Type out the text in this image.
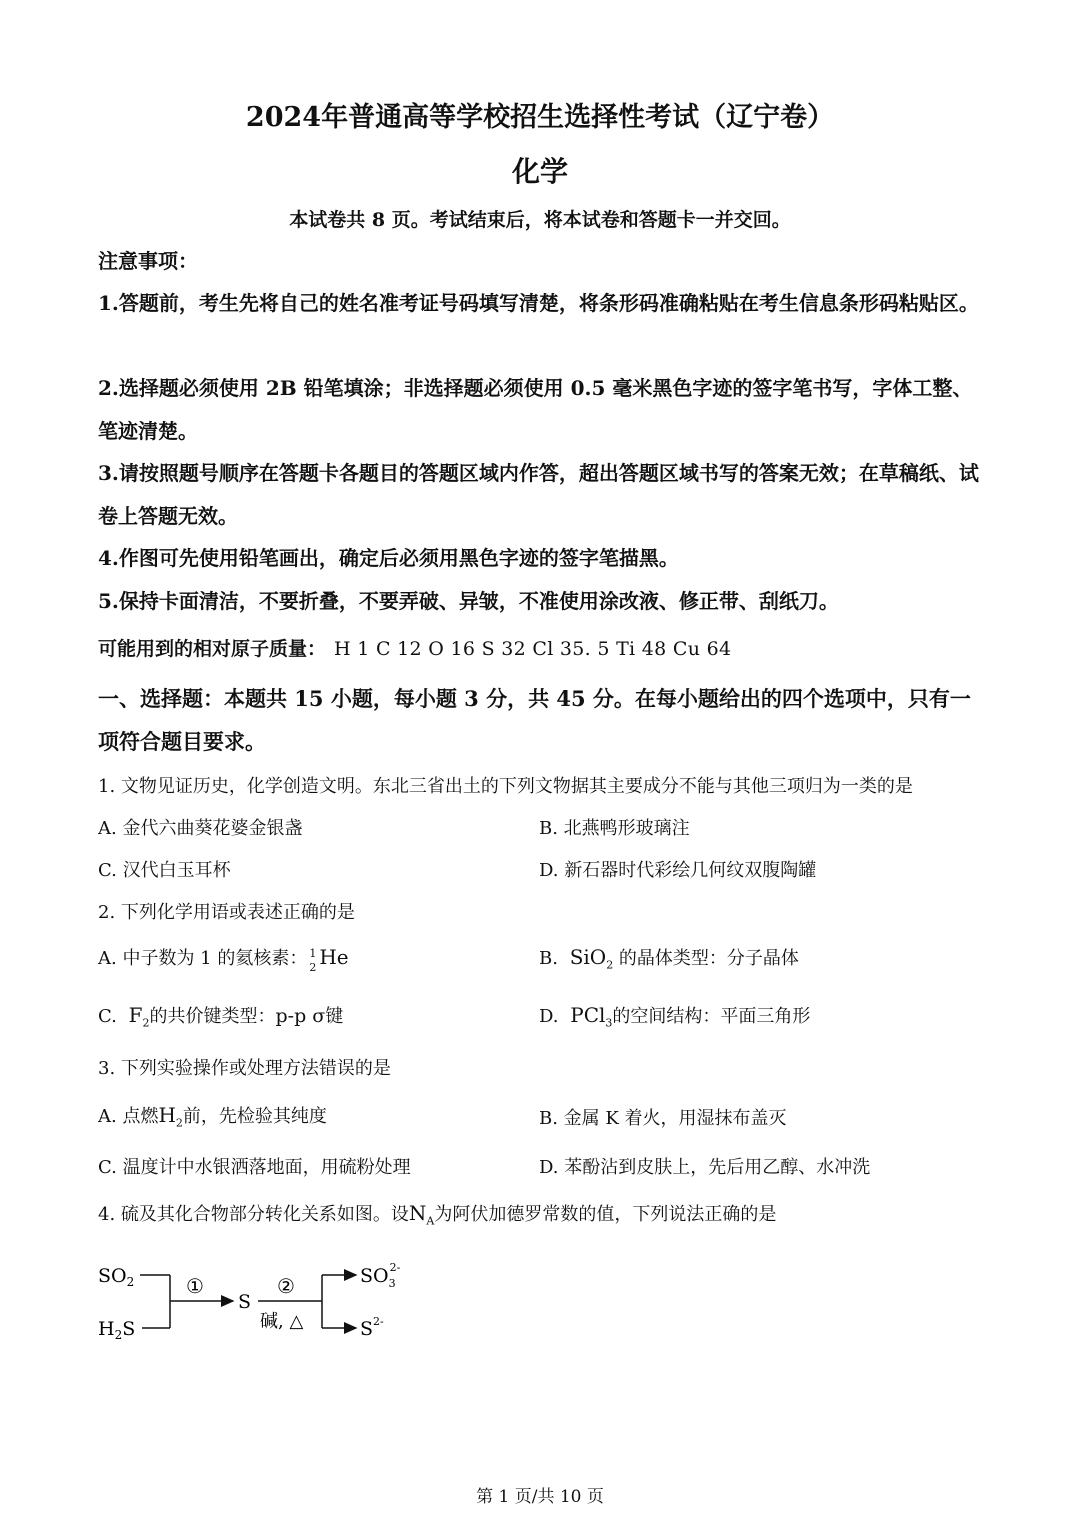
2024年普通高等学校招生选择性考试（辽宁卷）
化学
本试卷共 8 页。考试结束后，将本试卷和答题卡一并交回。
注意事项：
1.答题前，考生先将自己的姓名准考证号码填写清楚，将条形码准确粘贴在考生信息条形码粘贴区。
2.选择题必须使用 2B 铅笔填涂；非选择题必须使用 0.5 毫米黑色字迹的签字笔书写，字体工整、笔迹清楚。
3.请按照题号顺序在答题卡各题目的答题区域内作答，超出答题区域书写的答案无效；在草稿纸、试卷上答题无效。
4.作图可先使用铅笔画出，确定后必须用黑色字迹的签字笔描黑。
5.保持卡面清洁，不要折叠，不要弄破、异皱，不准使用涂改液、修正带、刮纸刀。
可能用到的相对原子质量： H 1 C 12 O 16 S 32 Cl 35. 5 Ti 48 Cu 64
一、选择题：本题共 15 小题，每小题 3 分，共 45 分。在每小题给出的四个选项中，只有一项符合题目要求。
1. 文物见证历史，化学创造文明。东北三省出土的下列文物据其主要成分不能与其他三项归为一类的是
A. 金代六曲葵花婆金银盏	B. 北燕鸭形玻璃注
C. 汉代白玉耳杯	D. 新石器时代彩绘几何纹双腹陶罐
2. 下列化学用语或表述正确的是
A. 中子数为 1 的氦核素： 1
2 He	B. SiO$_2$ 的晶体类型：分子晶体
C. $F_2$的共价键类型：p-p σ键	D. PCl$_3$的空间结构：平面三角形
3. 下列实验操作或处理方法错误的是
A. 点燃$H_2$前，先检验其纯度	B. 金属 K 着火，用湿抹布盖灭
C. 温度计中水银洒落地面，用硫粉处理	D. 苯酚沾到皮肤上，先后用乙醇、水冲洗
4. 硫及其化合物部分转化关系如图。设$N_A$为阿伏加德罗常数的值，下列说法正确的是
$SO_2$
$H_2S$
①
S
②
碱, △
$SO_32-$
$S^{2-}$
第 1 页/共 10 页
